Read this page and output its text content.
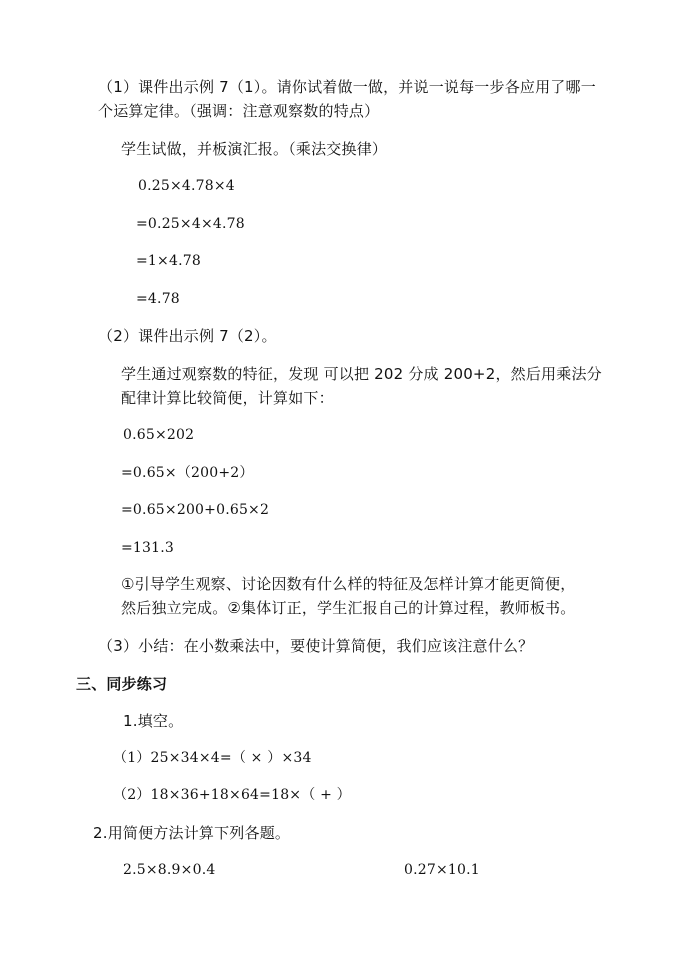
（1）课件出示例 7（1）。请你试着做一做，并说一说每一步各应用了哪一
个运算定律。（强调：注意观察数的特点）
学生试做，并板演汇报。（乘法交换律）
0.25×4.78×4
=0.25×4×4.78
=1×4.78
=4.78
（2）课件出示例 7（2）。
学生通过观察数的特征，发现 可以把 202 分成 200+2，然后用乘法分
配律计算比较简便，计算如下：
0.65×202
=0.65×（200+2）
=0.65×200+0.65×2
=131.3
①引导学生观察、讨论因数有什么样的特征及怎样计算才能更简便，
然后独立完成。②集体订正，学生汇报自己的计算过程，教师板书。
（3）小结：在小数乘法中，要使计算简便，我们应该注意什么？
三、同步练习
1.填空。
（1）25×34×4=（ × ）×34
（2）18×36+18×64=18×（ + ）
2.用简便方法计算下列各题。
2.5×8.9×0.4	0.27×10.1
